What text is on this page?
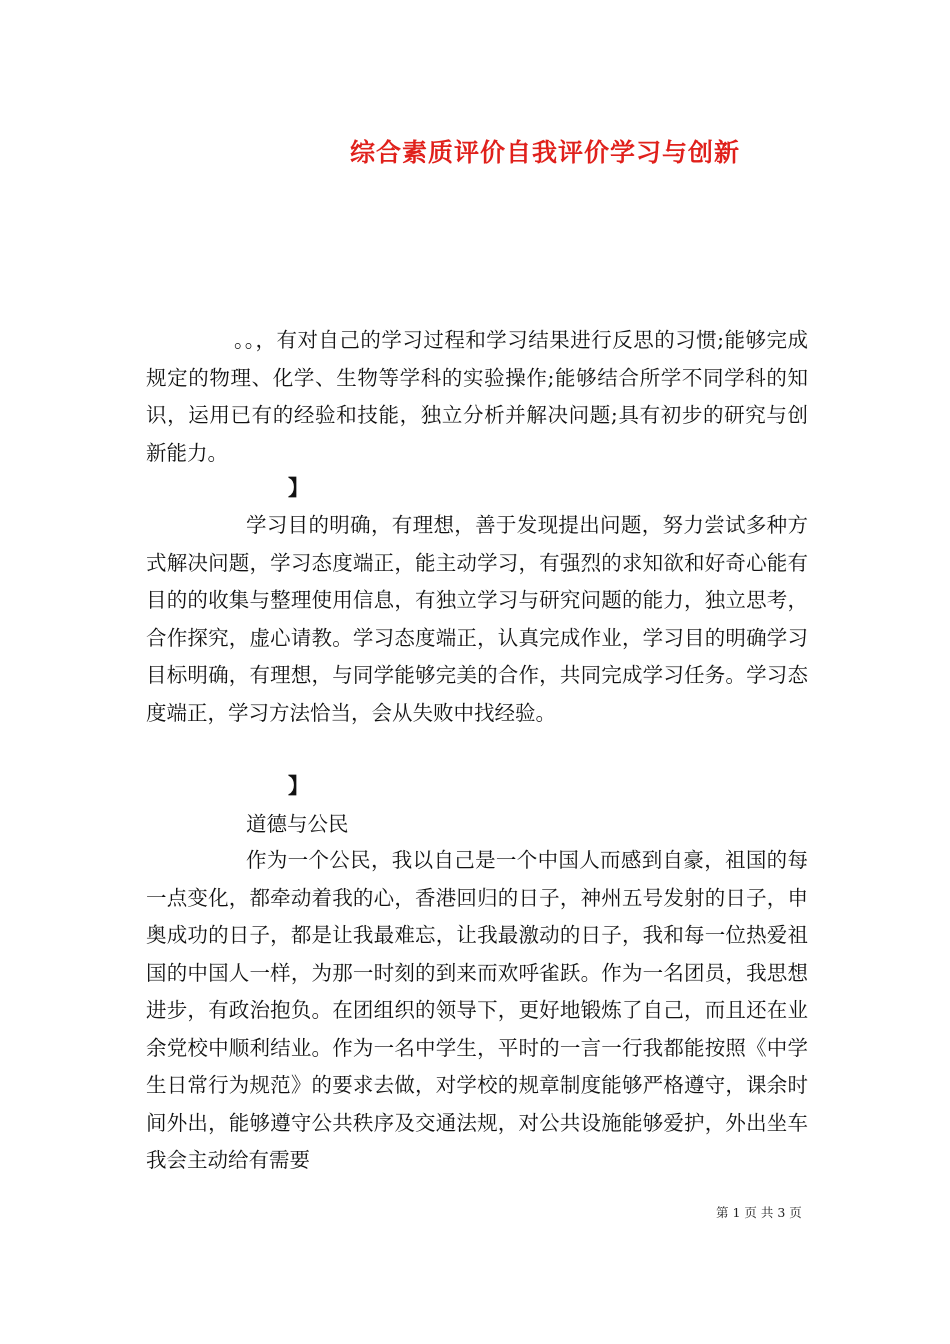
综合素质评价自我评价学习与创新

。。，有对自己的学习过程和学习结果进行反思的习惯;能够完成规定的物理、化学、生物等学科的实验操作;能够结合所学不同学科的知识，运用已有的经验和技能，独立分析并解决问题;具有初步的研究与创新能力。

】

学习目的明确，有理想，善于发现提出问题，努力尝试多种方式解决问题，学习态度端正，能主动学习，有强烈的求知欲和好奇心能有目的的收集与整理使用信息，有独立学习与研究问题的能力，独立思考，合作探究，虚心请教。学习态度端正，认真完成作业，学习目的明确学习目标明确，有理想，与同学能够完美的合作，共同完成学习任务。学习态度端正，学习方法恰当，会从失败中找经验。

】
道德与公民

作为一个公民，我以自己是一个中国人而感到自豪，祖国的每一点变化，都牵动着我的心，香港回归的日子，神州五号发射的日子，申奥成功的日子，都是让我最难忘，让我最激动的日子，我和每一位热爱祖国的中国人一样，为那一时刻的到来而欢呼雀跃。作为一名团员，我思想进步，有政治抱负。在团组织的领导下，更好地锻炼了自己，而且还在业余党校中顺利结业。作为一名中学生，平时的一言一行我都能按照《中学生日常行为规范》的要求去做，对学校的规章制度能够严格遵守，课余时间外出，能够遵守公共秩序及交通法规，对公共设施能够爱护，外出坐车我会主动给有需要

第 1 页 共 3 页
